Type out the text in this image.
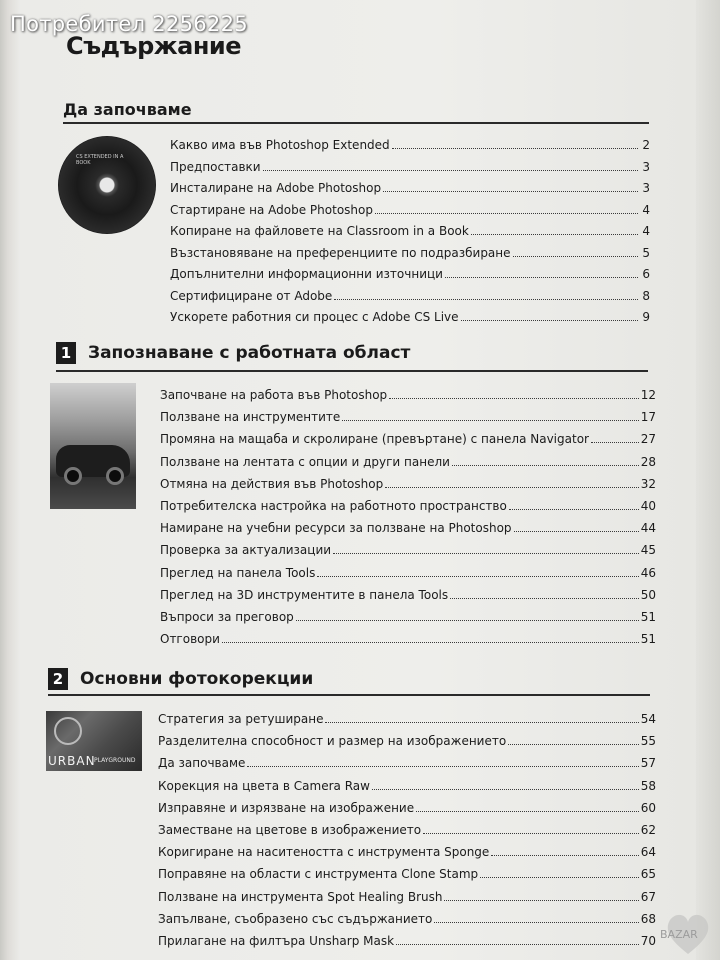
Потребител 2256225
Съдържание
Да започваме
CS EXTENDED IN A BOOK
1 Запознаване с работната област
2 Основни фотокорекции
URBAN
PLAYGROUND
Какво има във Photoshop Extended	2
Предпоставки	3
Инсталиране на Adobe Photoshop	3
Стартиране на Adobe Photoshop	4
Копиране на файловете на Classroom in a Book	4
Възстановяване на преференциите по подразбиране	5
Допълнителни информационни източници	6
Сертифициране от Adobe	8
Ускорете работния си процес с Adobe CS Live	9
Започване на работа във Photoshop	12
Ползване на инструментите	17
Промяна на мащаба и скролиране (превъртане) с панела Navigator	27
Ползване на лентата с опции и други панели	28
Отмяна на действия във Photoshop	32
Потребителска настройка на работното пространство	40
Намиране на учебни ресурси за ползване на Photoshop	44
Проверка за актуализации	45
Преглед на панела Tools	46
Преглед на 3D инструментите в панела Tools	50
Въпроси за преговор	51
Отговори	51
Стратегия за ретуширане	54
Разделителна способност и размер на изображението	55
Да започваме	57
Корекция на цвета в Camera Raw	58
Изправяне и изрязване на изображение	60
Заместване на цветове в изображението	62
Коригиране на наситеността с инструмента Sponge	64
Поправяне на области с инструмента Clone Stamp	65
Ползване на инструмента Spot Healing Brush	67
Запълване, съобразено със съдържанието	68
Прилагане на филтъра Unsharp Mask	70 BAZAR
